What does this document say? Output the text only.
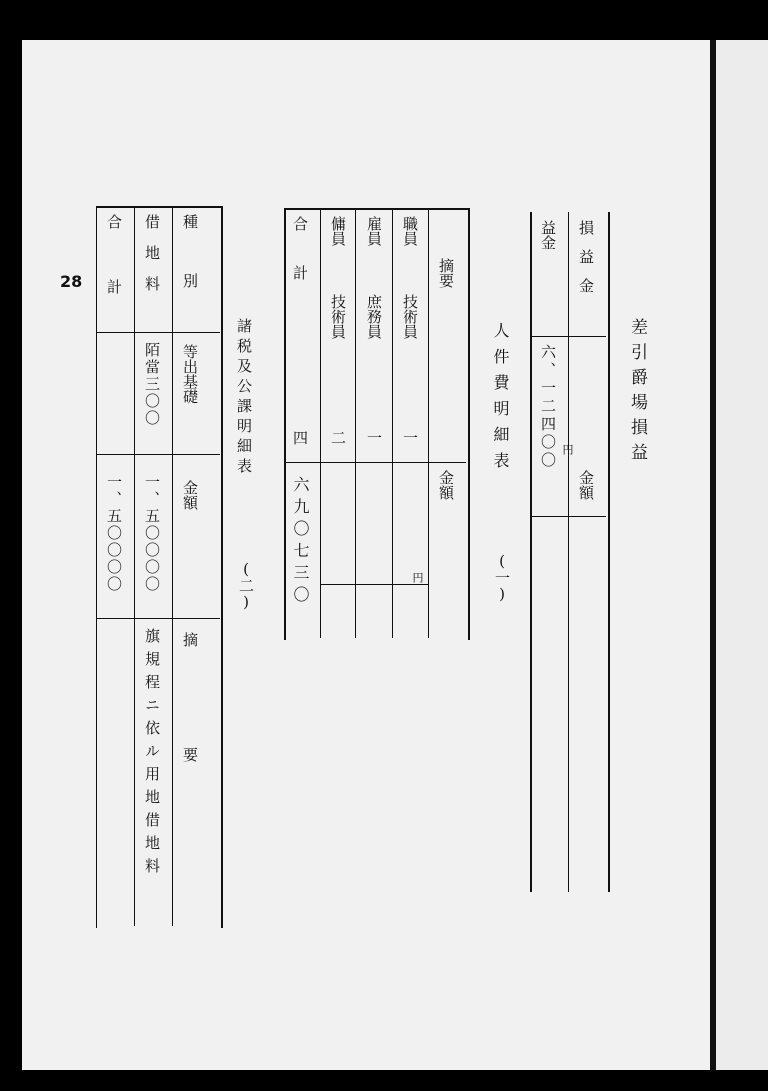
28
差引爵場損益
損益金
金額
益金
六、一二四〇〇 円
人件費明細表
(一)
摘要
金額
職員
技術員
一
雇員
庶務員
一
傭員
技術員
二
合計
四
六九〇七三〇	円
諸税及公課明細表
(二)
種別
等出基礎
金額
摘要
借地料
陌當三〇〇
一、五〇〇〇〇
旗規程ニ依ル用地借地料
合計
一、五〇〇〇〇
